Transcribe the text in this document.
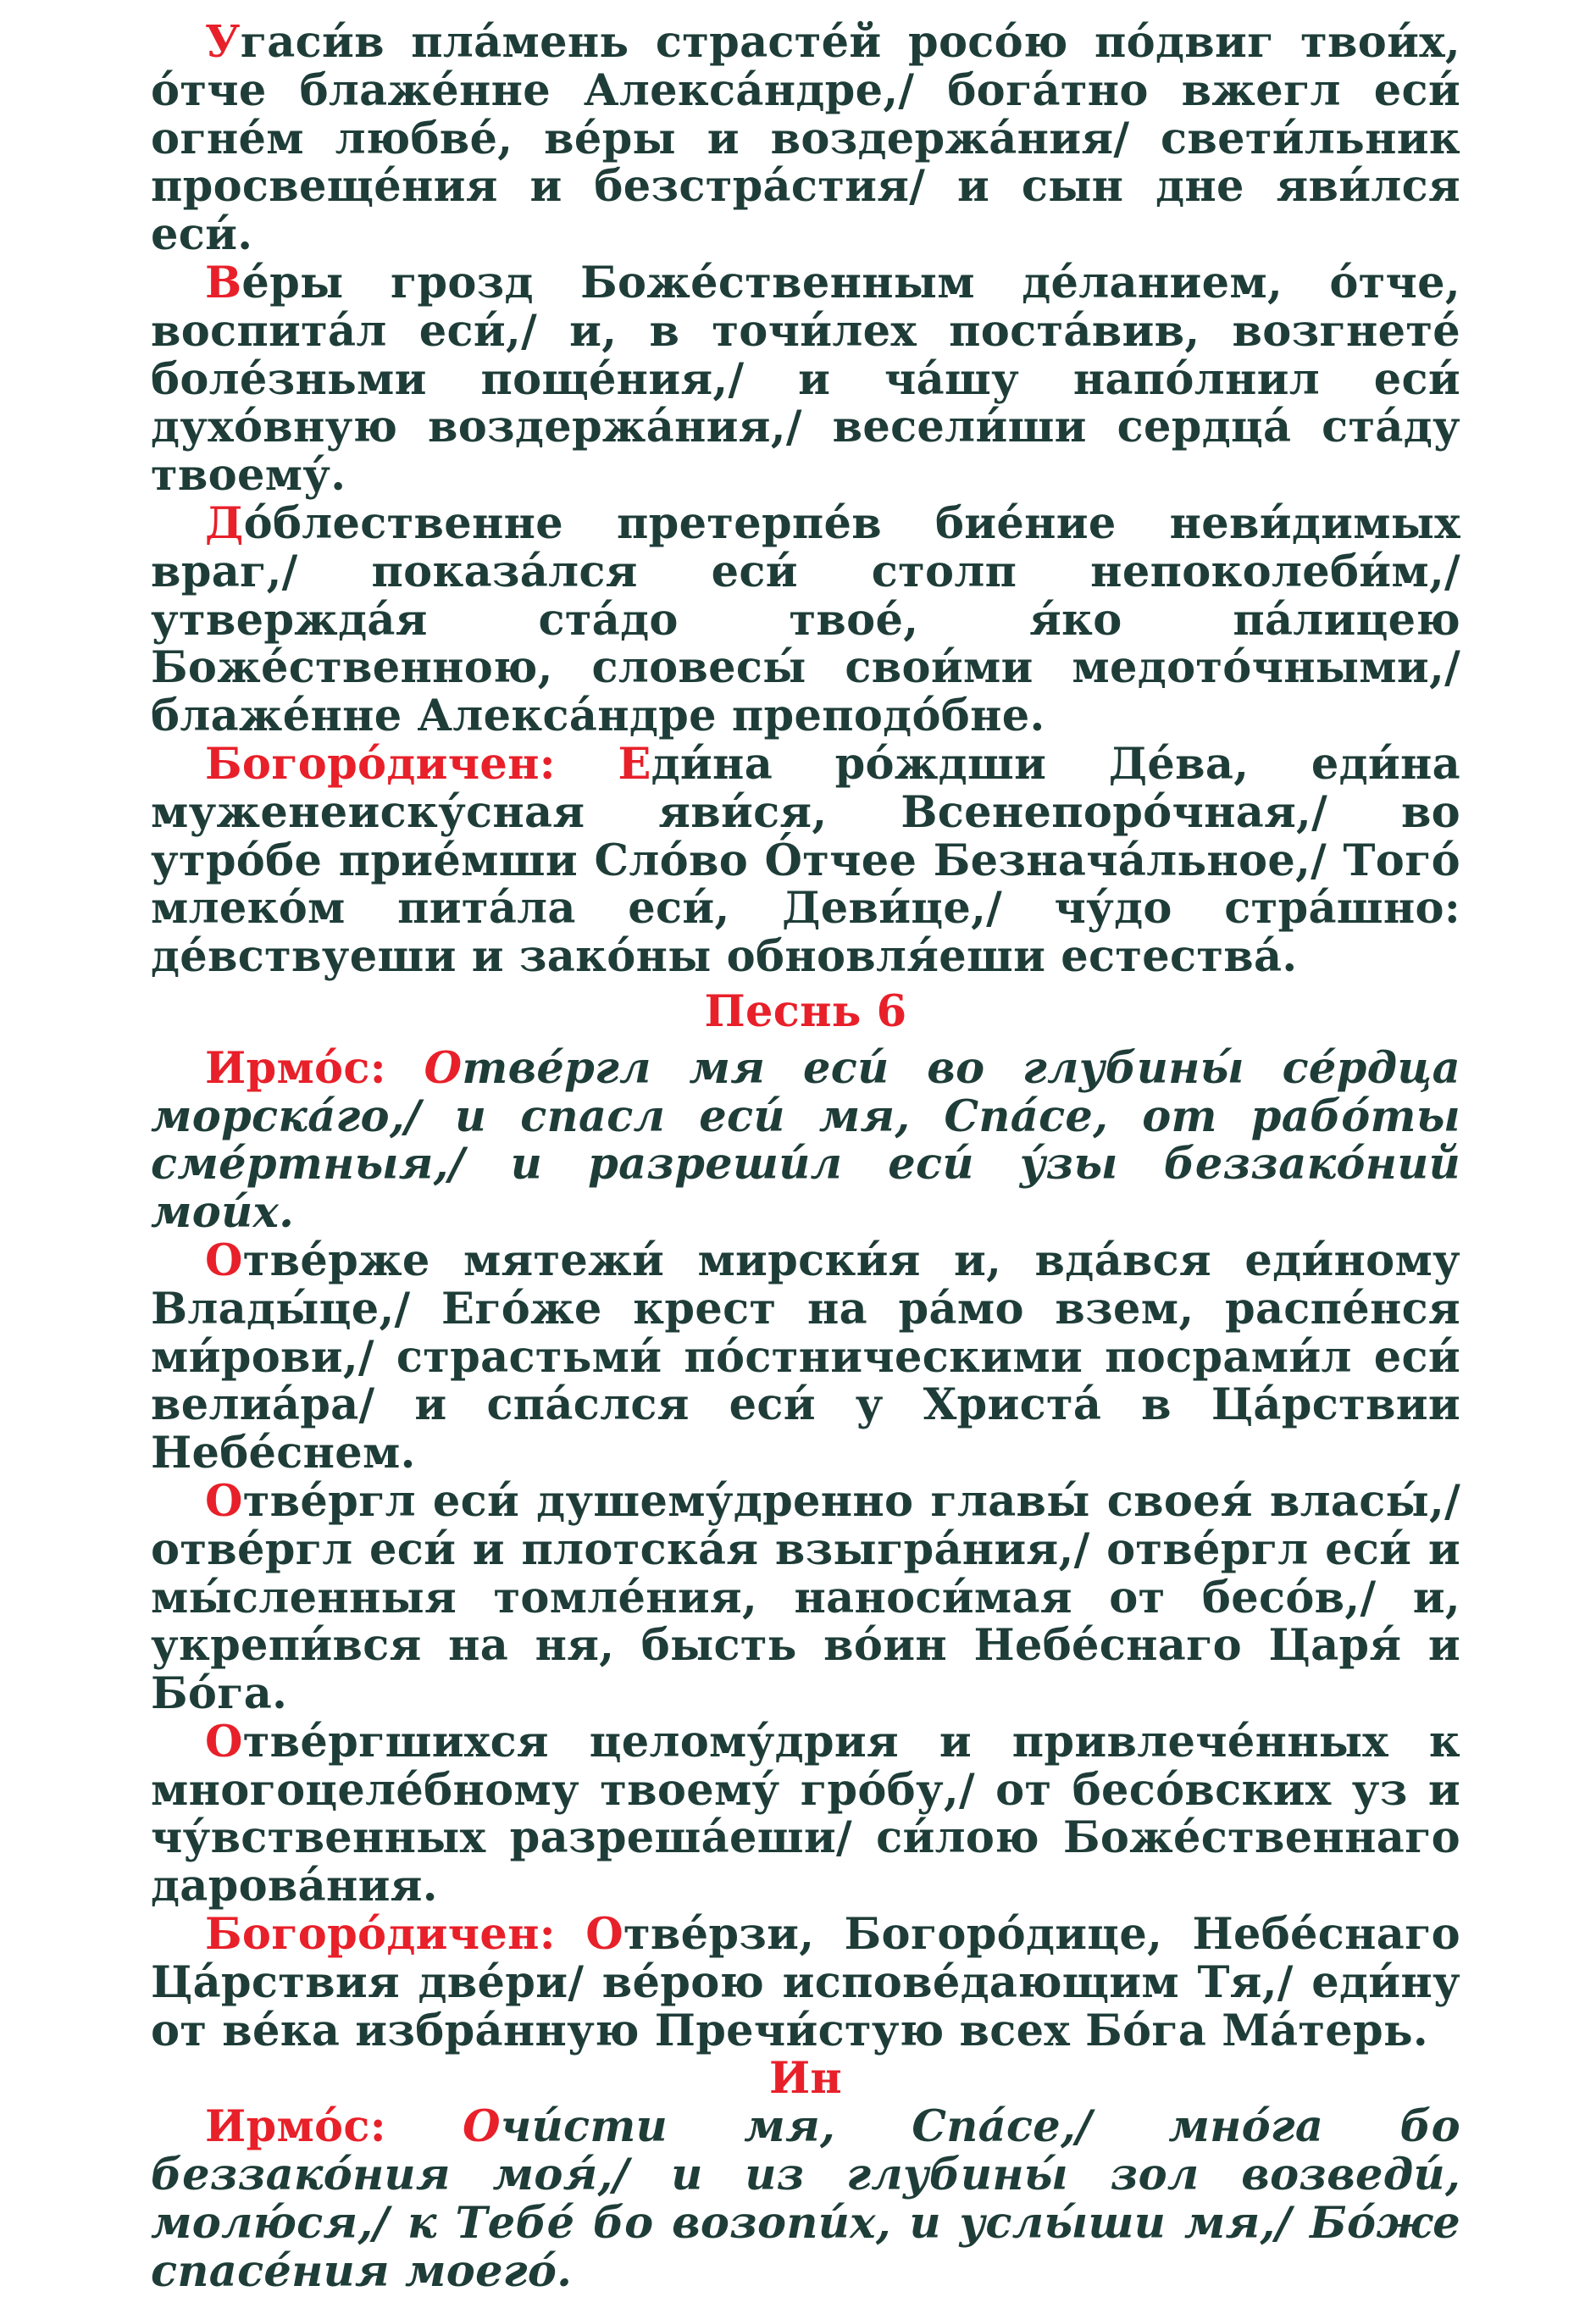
Угаси́в пла́мень страсте́й росо́ю по́двиг твои́х, о́тче блаже́нне Алекса́ндре,/ бога́тно вжегл еси́ огне́м любве́, ве́ры и воздержа́ния/ свети́льник просвеще́ния и безстра́стия/ и сын дне яви́лся еси́.

Ве́ры грозд Боже́ственным де́ланием, о́тче, воспита́л еси́,/ и, в точи́лех поста́вив, возгнете́ боле́зньми поще́ния,/ и ча́шу напо́лнил еси́ духо́вную воздержа́ния,/ весели́ши сердца́ ста́ду твоему́.

До́блественне претерпе́в бие́ние неви́димых враг,/ показа́лся еси́ столп непоколеби́м,/ утвержда́я ста́до твое́, я́ко па́лицею Боже́ственною, словесы́ свои́ми медото́чными,/ блаже́нне Алекса́ндре преподо́бне.

Богоро́дичен: Еди́на ро́ждши Де́ва, еди́на муженеиску́сная яви́ся, Всенепоро́чная,/ во утро́бе прие́мши Сло́во О́тчее Безнача́льное,/ Того́ млеко́м пита́ла еси́, Деви́це,/ чу́до стра́шно: де́вствуеши и зако́ны обновля́еши естества́.

Песнь 6

Ирмо́с: Отве́ргл мя еси́ во глубины́ се́рдца морска́го,/ и спасл еси́ мя, Спа́се, от рабо́ты сме́ртныя,/ и разреши́л еси́ у́зы беззако́ний мои́х.

Отве́рже мятежи́ мирски́я и, вда́вся еди́ному Влады́це,/ Его́же крест на ра́мо взем, распе́нся ми́рови,/ страстьми́ по́стническими посрами́л еси́ велиа́ра/ и спа́слся еси́ у Христа́ в Ца́рствии Небе́снем.

Отве́ргл еси́ душему́дренно главы́ своея́ власы́,/ отве́ргл еси́ и плотска́я взыгра́ния,/ отве́ргл еси́ и мы́сленныя томле́ния, наноси́мая от бесо́в,/ и, укрепи́вся на ня, бысть во́ин Небе́снаго Царя́ и Бо́га.

Отве́ргшихся целому́дрия и привлече́нных к многоцеле́бному твоему́ гро́бу,/ от бесо́вских уз и чу́вственных разреша́еши/ си́лою Боже́ственнаго дарова́ния.

Богоро́дичен: Отве́рзи, Богоро́дице, Небе́снаго Ца́рствия две́ри/ ве́рою испове́дающим Тя,/ еди́ну от ве́ка избра́нную Пречи́стую всех Бо́га Ма́терь.

Ин

Ирмо́с: Очи́сти мя, Спа́се,/ мно́га бо беззако́ния моя́,/ и из глубины́ зол возведи́, молю́ся,/ к Тебе́ бо возопи́х, и услы́ши мя,/ Бо́же спасе́ния моего́.
